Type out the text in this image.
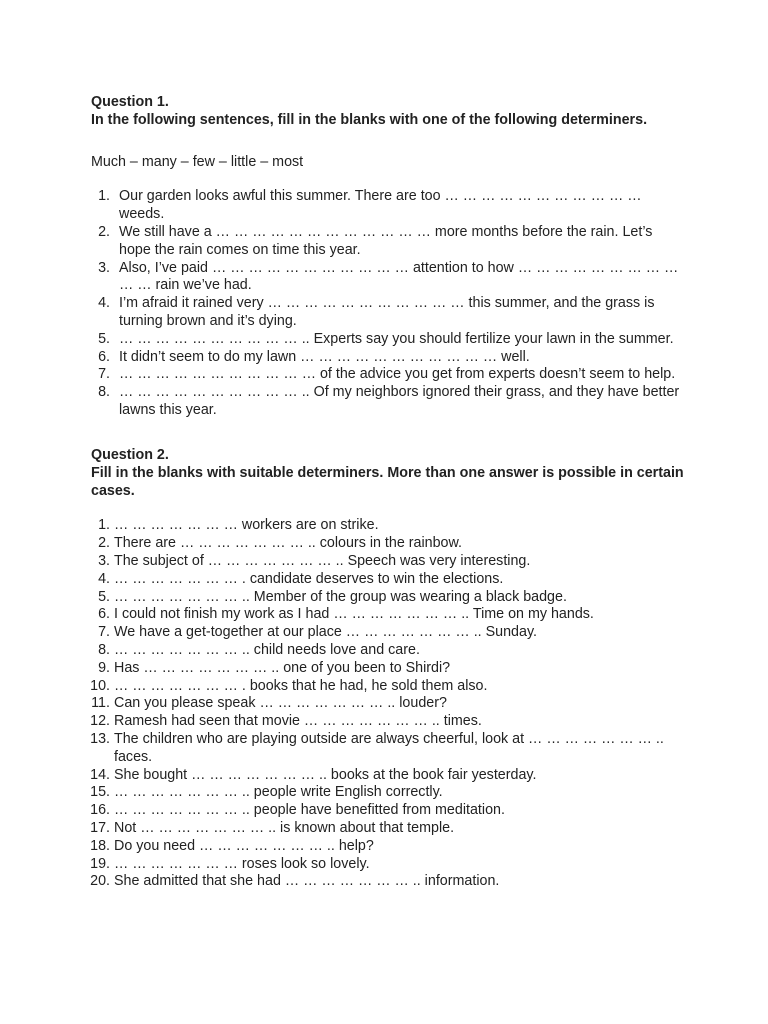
Question 1.

In the following sentences, fill in the blanks with one of the following determiners.

Much – many – few – little – most

1. Our garden looks awful this summer. There are too … … … … … … … … … … … weeds.
2. We still have a … … … … … … … … … … … … more months before the rain. Let’s hope the rain comes on time this year.
3. Also, I’ve paid … … … … … … … … … … … attention to how … … … … … … … … … … … rain we’ve had.
4. I’m afraid it rained very … … … … … … … … … … … this summer, and the grass is turning brown and it’s dying.
5. … … … … … … … … … … .. Experts say you should fertilize your lawn in the summer.
6. It didn’t seem to do my lawn … … … … … … … … … … … well.
7. … … … … … … … … … … … of the advice you get from experts doesn’t seem to help.
8. … … … … … … … … … … .. Of my neighbors ignored their grass, and they have better lawns this year.

Question 2.

Fill in the blanks with suitable determiners. More than one answer is possible in certain cases.

1. … … … … … … … workers are on strike.
2. There are … … … … … … … .. colours in the rainbow.
3. The subject of … … … … … … … .. Speech was very interesting.
4. … … … … … … … . candidate deserves to win the elections.
5. … … … … … … … .. Member of the group was wearing a black badge.
6. I could not finish my work as I had … … … … … … … .. Time on my hands.
7. We have a get-together at our place … … … … … … … .. Sunday.
8. … … … … … … … .. child needs love and care.
9. Has … … … … … … … .. one of you been to Shirdi?
10. … … … … … … … . books that he had, he sold them also.
11. Can you please speak … … … … … … … .. louder?
12. Ramesh had seen that movie … … … … … … … .. times.
13. The children who are playing outside are always cheerful, look at … … … … … … … .. faces.
14. She bought … … … … … … … .. books at the book fair yesterday.
15. … … … … … … … .. people write English correctly.
16. … … … … … … … .. people have benefitted from meditation.
17. Not … … … … … … … .. is known about that temple.
18. Do you need … … … … … … … .. help?
19. … … … … … … … roses look so lovely.
20. She admitted that she had … … … … … … … .. information.
